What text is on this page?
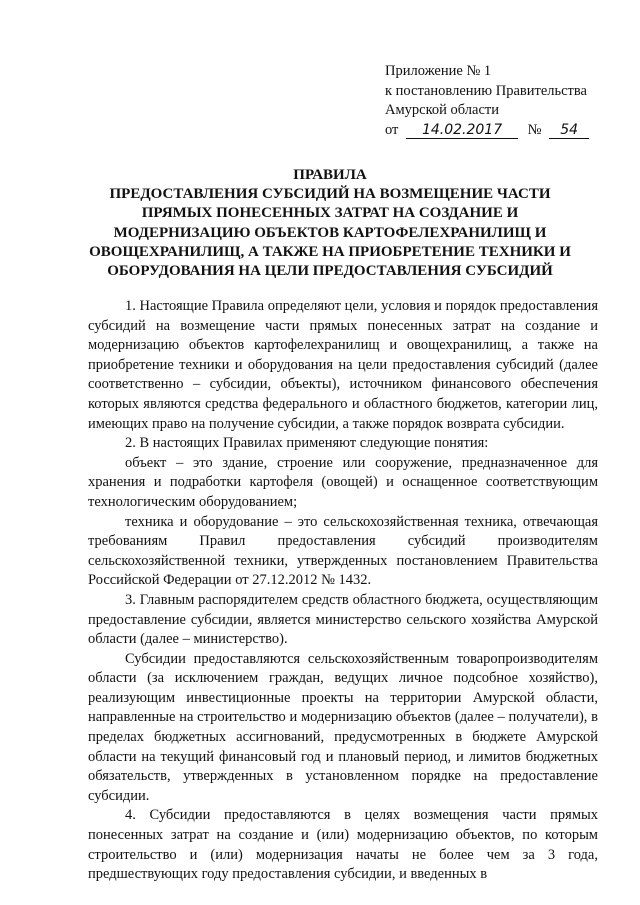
Приложение № 1
к постановлению Правительства
Амурской области
от 14.02.2017 № 54
ПРАВИЛА
ПРЕДОСТАВЛЕНИЯ СУБСИДИЙ НА ВОЗМЕЩЕНИЕ ЧАСТИ
ПРЯМЫХ ПОНЕСЕННЫХ ЗАТРАТ НА СОЗДАНИЕ И
МОДЕРНИЗАЦИЮ ОБЪЕКТОВ КАРТОФЕЛЕХРАНИЛИЩ И
ОВОЩЕХРАНИЛИЩ, А ТАКЖЕ НА ПРИОБРЕТЕНИЕ ТЕХНИКИ И
ОБОРУДОВАНИЯ НА ЦЕЛИ ПРЕДОСТАВЛЕНИЯ СУБСИДИЙ

1. Настоящие Правила определяют цели, условия и порядок предоставления субсидий на возмещение части прямых понесенных затрат на создание и модернизацию объектов картофелехранилищ и овощехранилищ, а также на приобретение техники и оборудования на цели предоставления субсидий (далее соответственно – субсидии, объекты), источником финансового обеспечения которых являются средства федерального и областного бюджетов, категории лиц, имеющих право на получение субсидии, а также порядок возврата субсидии.

2. В настоящих Правилах применяют следующие понятия:

объект – это здание, строение или сооружение, предназначенное для хранения и подработки картофеля (овощей) и оснащенное соответствующим технологическим оборудованием;

техника и оборудование – это сельскохозяйственная техника, отвечающая требованиям Правил предоставления субсидий производителям сельскохозяйственной техники, утвержденных постановлением Правительства Российской Федерации от 27.12.2012 № 1432.

3. Главным распорядителем средств областного бюджета, осуществляющим предоставление субсидии, является министерство сельского хозяйства Амурской области (далее – министерство).

Субсидии предоставляются сельскохозяйственным товаропроизводителям области (за исключением граждан, ведущих личное подсобное хозяйство), реализующим инвестиционные проекты на территории Амурской области, направленные на строительство и модернизацию объектов (далее – получатели), в пределах бюджетных ассигнований, предусмотренных в бюджете Амурской области на текущий финансовый год и плановый период, и лимитов бюджетных обязательств, утвержденных в установленном порядке на предоставление субсидии.

4. Субсидии предоставляются в целях возмещения части прямых понесенных затрат на создание и (или) модернизацию объектов, по которым строительство и (или) модернизация начаты не более чем за 3 года, предшествующих году предоставления субсидии, и введенных в
